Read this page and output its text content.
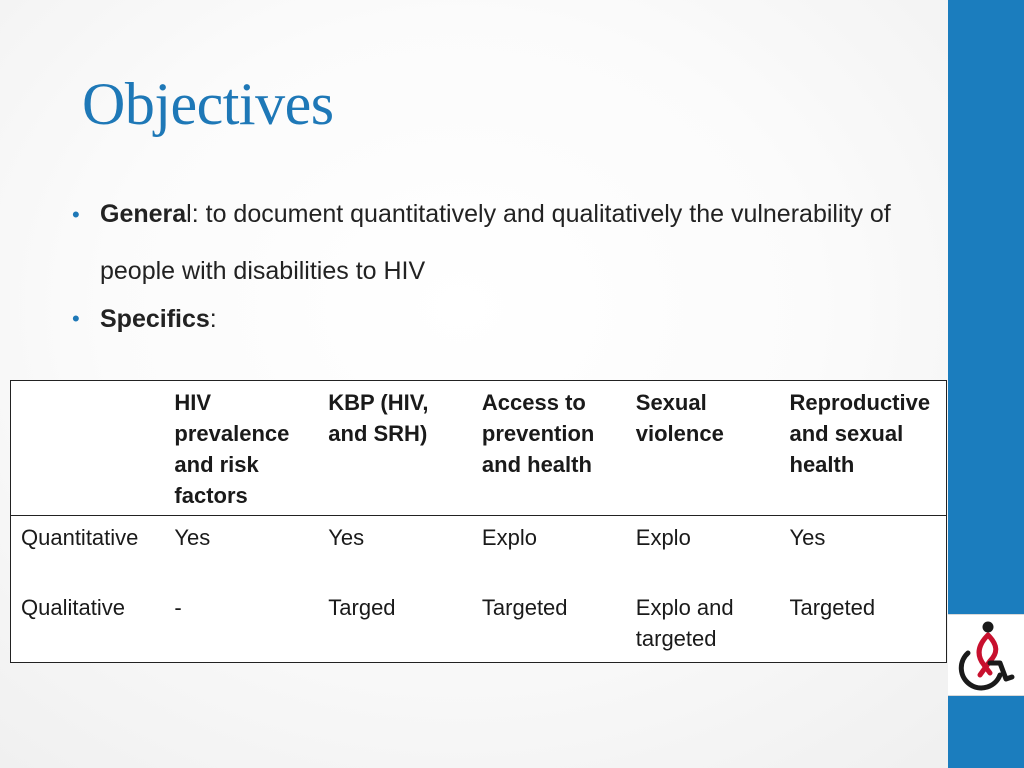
Objectives
• General: to document quantitatively and qualitatively the vulnerability of people with disabilities to HIV
• Specifics:
	HIV prevalence and risk factors	KBP (HIV, and SRH)	Access to prevention and health	Sexual violence	Reproductive and sexual health
Quantitative	Yes	Yes	Explo	Explo	Yes
Qualitative	-	Targed	Targeted	Explo and targeted	Targeted
